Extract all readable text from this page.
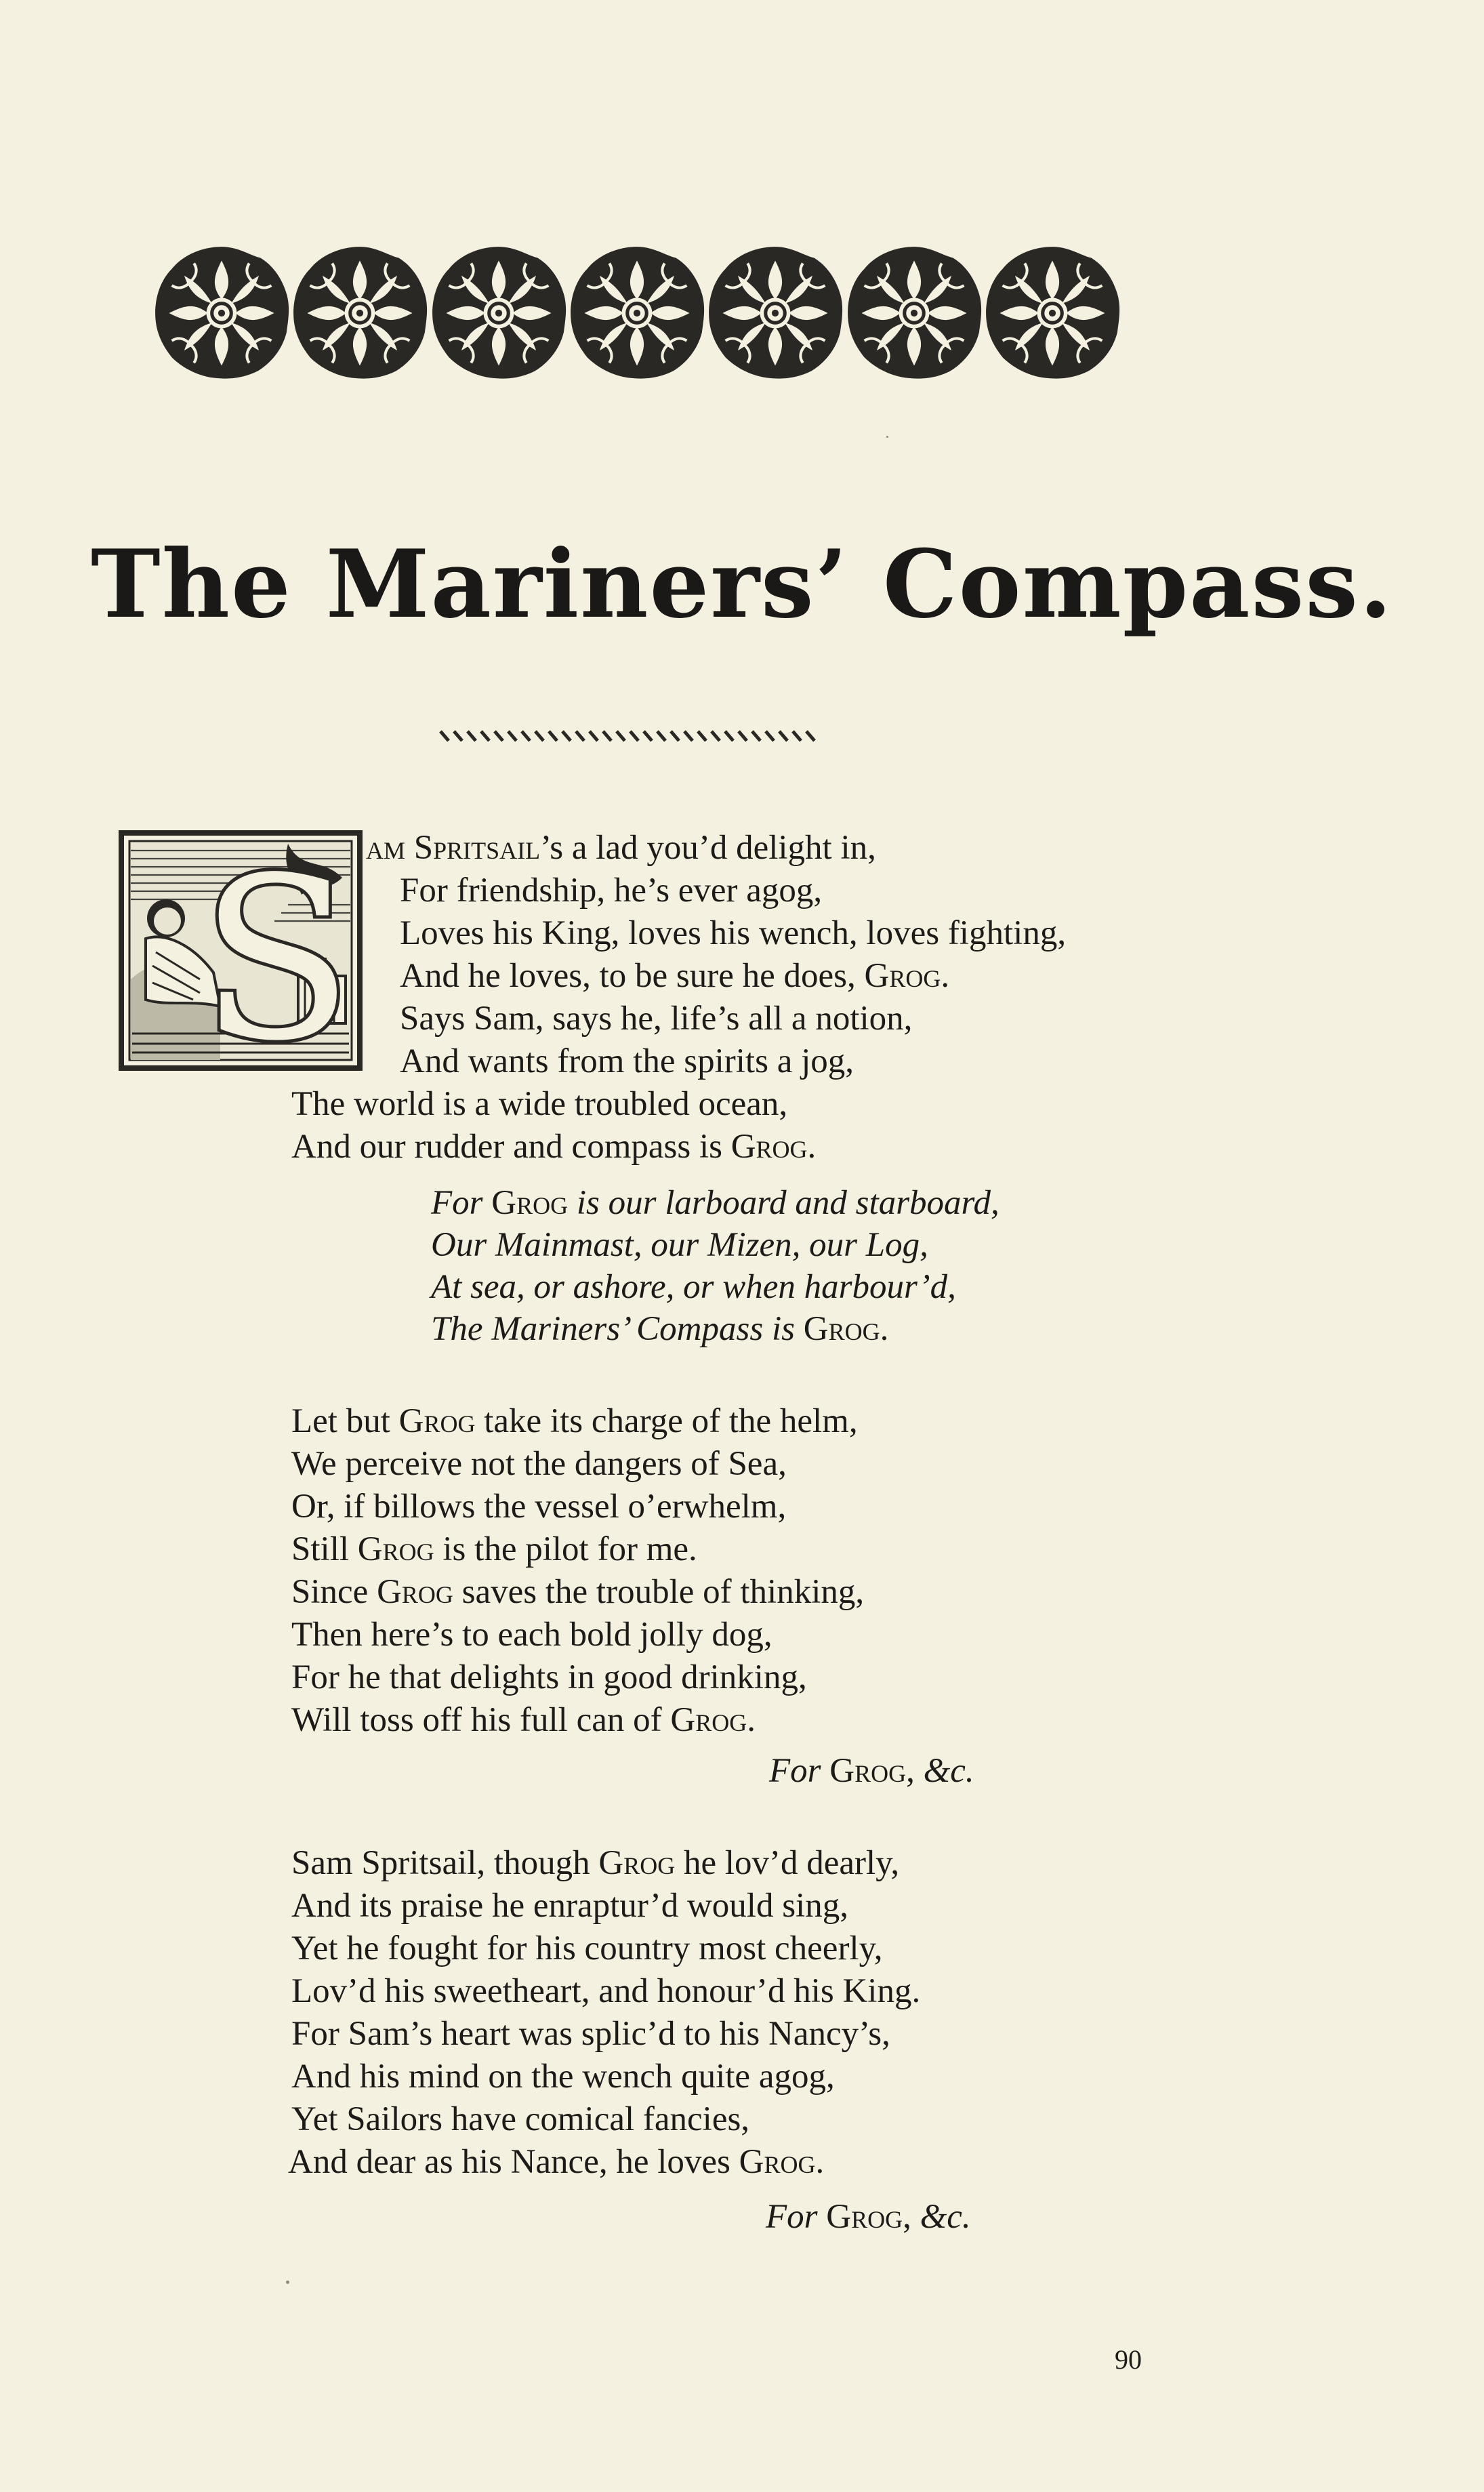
The Mariners’ Compass.
S am Spritsail’s a lad you’d delight in,
For friendship, he’s ever agog,
Loves his King, loves his wench, loves fighting,
And he loves, to be sure he does, Grog.
Says Sam, says he, life’s all a notion,
And wants from the spirits a jog,
The world is a wide troubled ocean,
And our rudder and compass is Grog.
For Grog is our larboard and starboard,
Our Mainmast, our Mizen, our Log,
At sea, or ashore, or when harbour’d,
The Mariners’ Compass is Grog.
Let but Grog take its charge of the helm,
We perceive not the dangers of Sea,
Or, if billows the vessel o’erwhelm,
Still Grog is the pilot for me.
Since Grog saves the trouble of thinking,
Then here’s to each bold jolly dog,
For he that delights in good drinking,
Will toss off his full can of Grog.
For Grog, &c.
Sam Spritsail, though Grog he lov’d dearly,
And its praise he enraptur’d would sing,
Yet he fought for his country most cheerly,
Lov’d his sweetheart, and honour’d his King.
For Sam’s heart was splic’d to his Nancy’s,
And his mind on the wench quite agog,
Yet Sailors have comical fancies,
And dear as his Nance, he loves Grog.
For Grog, &c.
90
